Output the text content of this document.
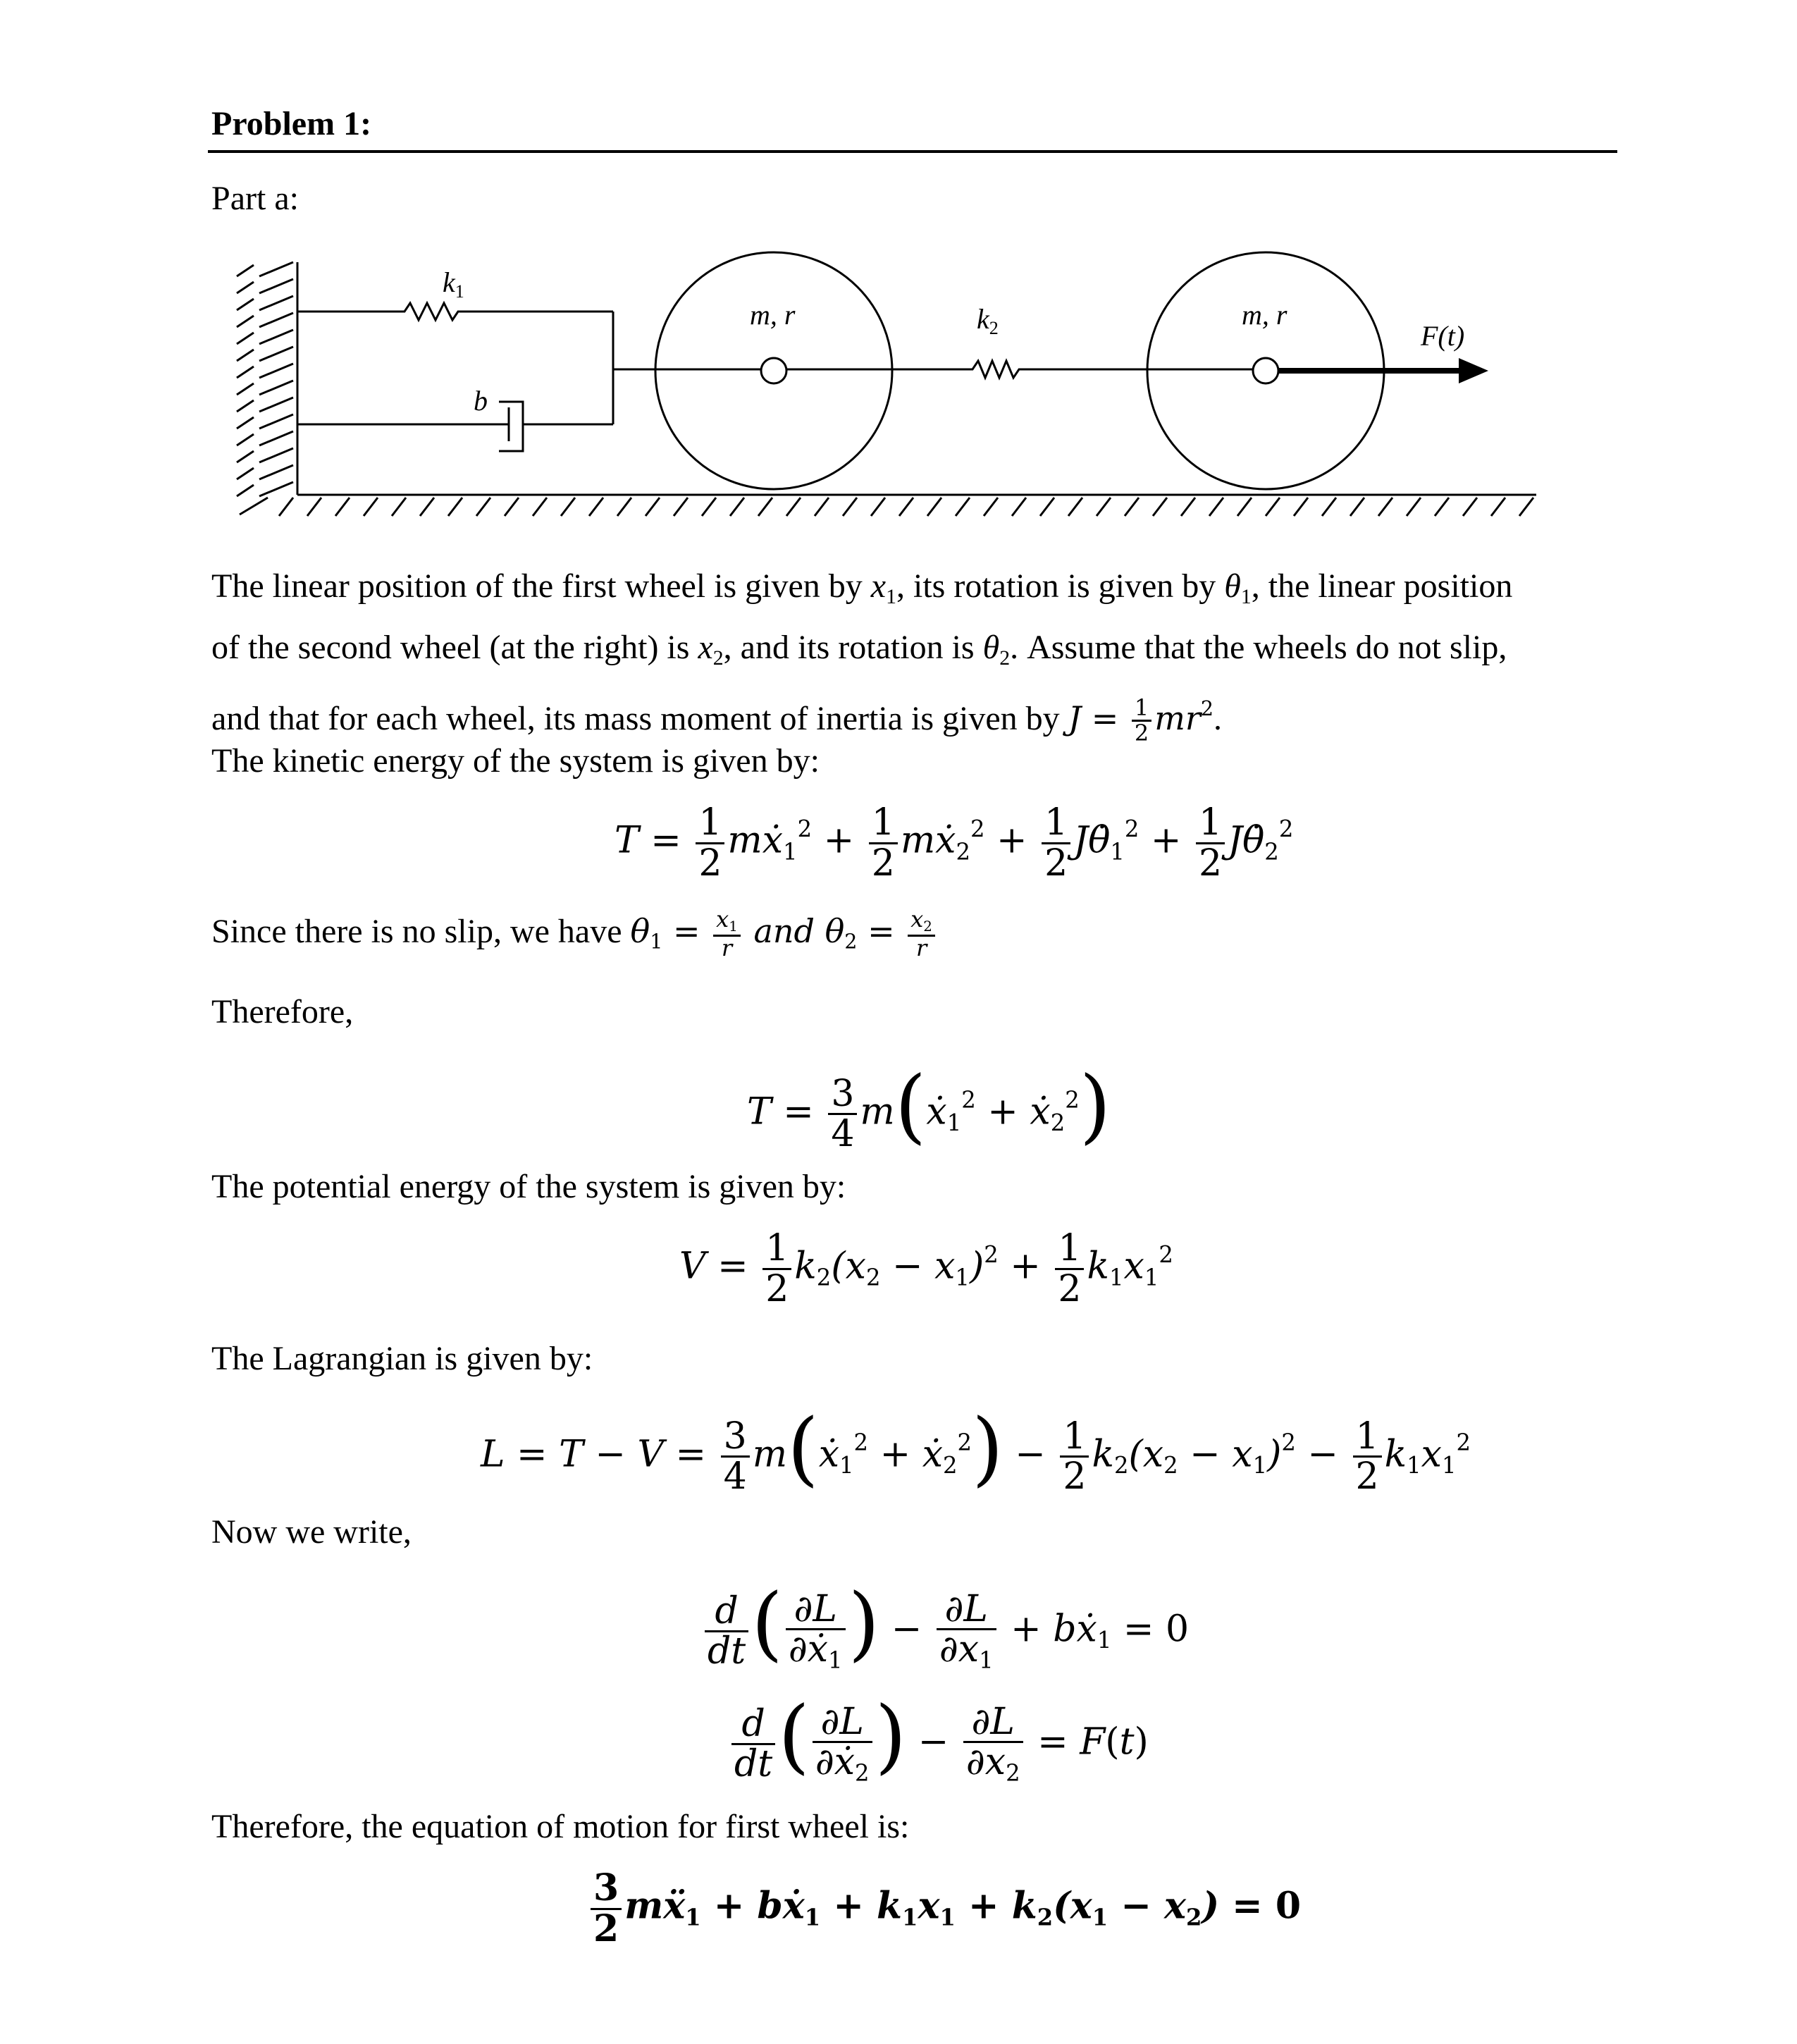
Problem 1:
Part a:
$k_1$
b
m, r	$k_2$	m, r
F(t)
The linear position of the first wheel is given by $x_1$, its rotation is given by $\theta_1$, the linear position
of the second wheel (at the right) is $x_2$, and its rotation is $\theta_2$. Assume that the wheels do not slip,
and that for each wheel, its mass moment of inertia is given by $J = \frac{1}{2} mr^2$.
The kinetic energy of the system is given by:
$T = \frac{1}{2}$ mẋ$_1^2$ + $\frac{1}{2}$ mẋ$_2^2$ + $\frac{1}{2}$ $J\thetȧ_1^2 + \frac{1}{2}$ $J\thetȧ_2^2$
Since there is no slip, we have $\theta_1 = \frac{x_1}{r}$ and $\theta_2 = \frac{x_2}{r}$
Therefore,
$T = \frac{3}{4}$ m(ẋ$_1^2$ + ẋ$_2^2$)
The potential energy of the system is given by:
$V = \frac{1}{2} k_2(x_2 - x_1)^2 + \frac{1}{2} k_1x_1^2$
The Lagrangian is given by:
$L = T - V = \frac{3}{4}$ m(ẋ$_1^2$ + ẋ$_2^2$) − $\frac{1}{2} k_2(x_2 - x_1)^2 - \frac{1}{2} k_1x_1^2$
Now we write,
$\frac{d}{dt}$ ( $\frac{\partial L}{\partial ẋ_1}$ ) − $\frac{\partial L}{\partial x_1}$ + bẋ$_1$ = 0
$\frac{d}{dt}$ ( $\frac{\partial L}{\partial ẋ_2}$ ) − $\frac{\partial L}{\partial x_2} = F(t)$
Therefore, the equation of motion for first wheel is:
$\frac{3}{2}$ mẍ$_1$ + bẋ$_1$ + $k_1x_1 + k_2(x_1 - x_2) = 0$
